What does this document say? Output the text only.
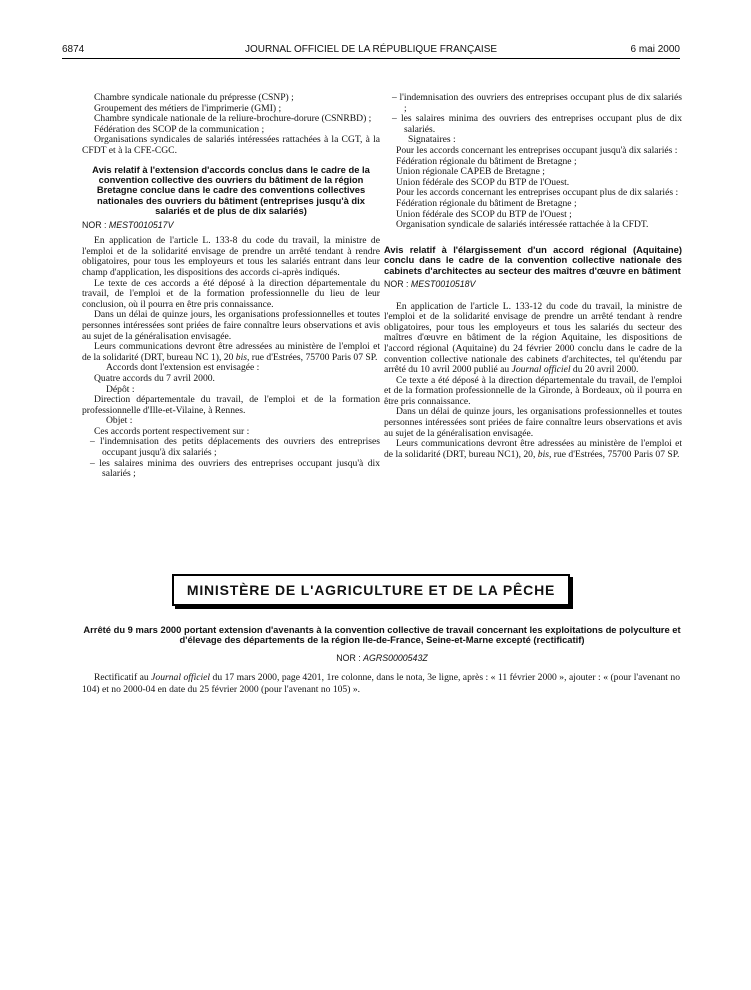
6874	JOURNAL OFFICIEL DE LA RÉPUBLIQUE FRANÇAISE	6 mai 2000

Chambre syndicale nationale du prépresse (CSNP) ;

Groupement des métiers de l'imprimerie (GMI) ;

Chambre syndicale nationale de la reliure-brochure-dorure (CSNRBD) ;

Fédération des SCOP de la communication ;

Organisations syndicales de salariés intéressées rattachées à la CGT, à la CFDT et à la CFE-CGC.

Avis relatif à l'extension d'accords conclus dans le cadre de la convention collective des ouvriers du bâtiment de la région Bretagne conclue dans le cadre des conventions collectives nationales des ouvriers du bâtiment (entreprises jusqu'à dix salariés et de plus de dix salariés)

NOR : MEST0010517V

En application de l'article L. 133-8 du code du travail, la ministre de l'emploi et de la solidarité envisage de prendre un arrêté tendant à rendre obligatoires, pour tous les employeurs et tous les salariés entrant dans leur champ d'application, les dispositions des accords ci-après indiqués.

Le texte de ces accords a été déposé à la direction départementale du travail, de l'emploi et de la formation professionnelle du lieu de leur conclusion, où il pourra en être pris connaissance.

Dans un délai de quinze jours, les organisations professionnelles et toutes personnes intéressées sont priées de faire connaître leurs observations et avis au sujet de la généralisation envisagée.

Leurs communications devront être adressées au ministère de l'emploi et de la solidarité (DRT, bureau NC 1), 20 bis, rue d'Estrées, 75700 Paris 07 SP.

Accords dont l'extension est envisagée :

Quatre accords du 7 avril 2000.

Dépôt :

Direction départementale du travail, de l'emploi et de la formation professionnelle d'Ille-et-Vilaine, à Rennes.

Objet :

Ces accords portent respectivement sur :

– l'indemnisation des petits déplacements des ouvriers des entreprises occupant jusqu'à dix salariés ;

– les salaires minima des ouvriers des entreprises occupant jusqu'à dix salariés ;

– l'indemnisation des ouvriers des entreprises occupant plus de dix salariés ;

– les salaires minima des ouvriers des entreprises occupant plus de dix salariés.

Signataires :

Pour les accords concernant les entreprises occupant jusqu'à dix salariés :

Fédération régionale du bâtiment de Bretagne ;

Union régionale CAPEB de Bretagne ;

Union fédérale des SCOP du BTP de l'Ouest.

Pour les accords concernant les entreprises occupant plus de dix salariés :

Fédération régionale du bâtiment de Bretagne ;

Union fédérale des SCOP du BTP de l'Ouest ;

Organisation syndicale de salariés intéressée rattachée à la CFDT.

Avis relatif à l'élargissement d'un accord régional (Aquitaine) conclu dans le cadre de la convention collective nationale des cabinets d'architectes au secteur des maîtres d'œuvre en bâtiment

NOR : MEST0010518V

En application de l'article L. 133-12 du code du travail, la ministre de l'emploi et de la solidarité envisage de prendre un arrêté tendant à rendre obligatoires, pour tous les employeurs et tous les salariés du secteur des maîtres d'œuvre en bâtiment de la région Aquitaine, les dispositions de l'accord régional (Aquitaine) du 24 février 2000 conclu dans le cadre de la convention collective nationale des cabinets d'architectes, tel qu'étendu par arrêté du 10 avril 2000 publié au Journal officiel du 20 avril 2000.

Ce texte a été déposé à la direction départementale du travail, de l'emploi et de la formation professionnelle de la Gironde, à Bordeaux, où il pourra en être pris connaissance.

Dans un délai de quinze jours, les organisations professionnelles et toutes personnes intéressées sont priées de faire connaître leurs observations et avis au sujet de la généralisation envisagée.

Leurs communications devront être adressées au ministère de l'emploi et de la solidarité (DRT, bureau NC1), 20, bis, rue d'Estrées, 75700 Paris 07 SP.

MINISTÈRE DE L'AGRICULTURE ET DE LA PÊCHE
Arrêté du 9 mars 2000 portant extension d'avenants à la convention collective de travail concernant les exploitations de polyculture et d'élevage des départements de la région Ile-de-France, Seine-et-Marne excepté (rectificatif)
NOR : AGRS0000543Z
Rectificatif au Journal officiel du 17 mars 2000, page 4201, 1re colonne, dans le nota, 3e ligne, après : « 11 février 2000 », ajouter : « (pour l'avenant no 104) et no 2000-04 en date du 25 février 2000 (pour l'avenant no 105) ».
